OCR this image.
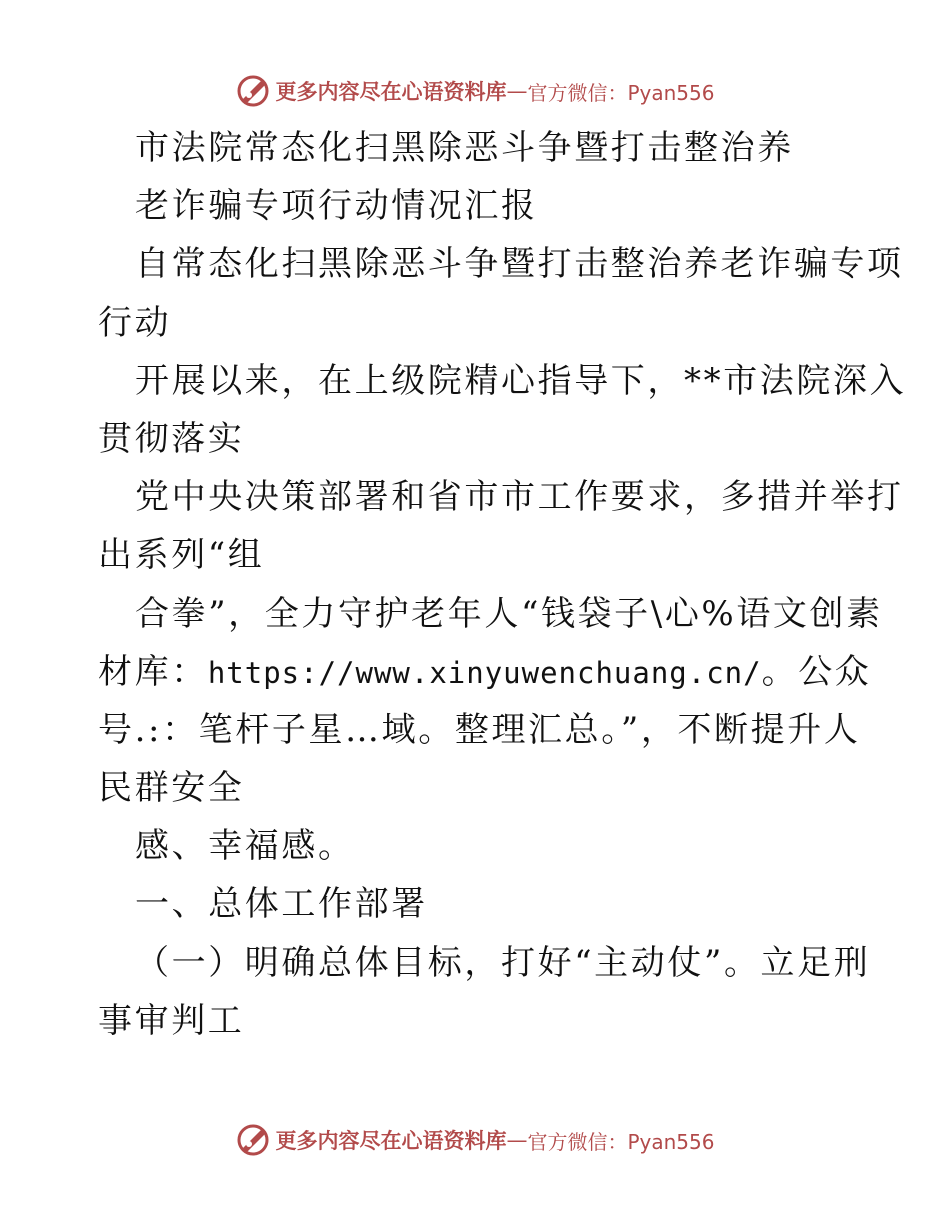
更多内容尽在心语资料库 — 官方微信：Pyan556
市法院常态化扫黑除恶斗争暨打击整治养
老诈骗专项行动情况汇报
自常态化扫黑除恶斗争暨打击整治养老诈骗专项
行动
开展以来，在上级院精心指导下，**市法院深入
贯彻落实
党中央决策部署和省市市工作要求，多措并举打
出系列“组
合拳”，全力守护老年人“钱袋子\心%语文创素
材库：https://www.xinyuwenchuang.cn/。公众
号.:：笔杆子星…域。整理汇总。”，不断提升人
民群安全
感、幸福感。
一、总体工作部署
（一）明确总体目标，打好“主动仗”。立足刑
事审判工
更多内容尽在心语资料库 — 官方微信：Pyan556
